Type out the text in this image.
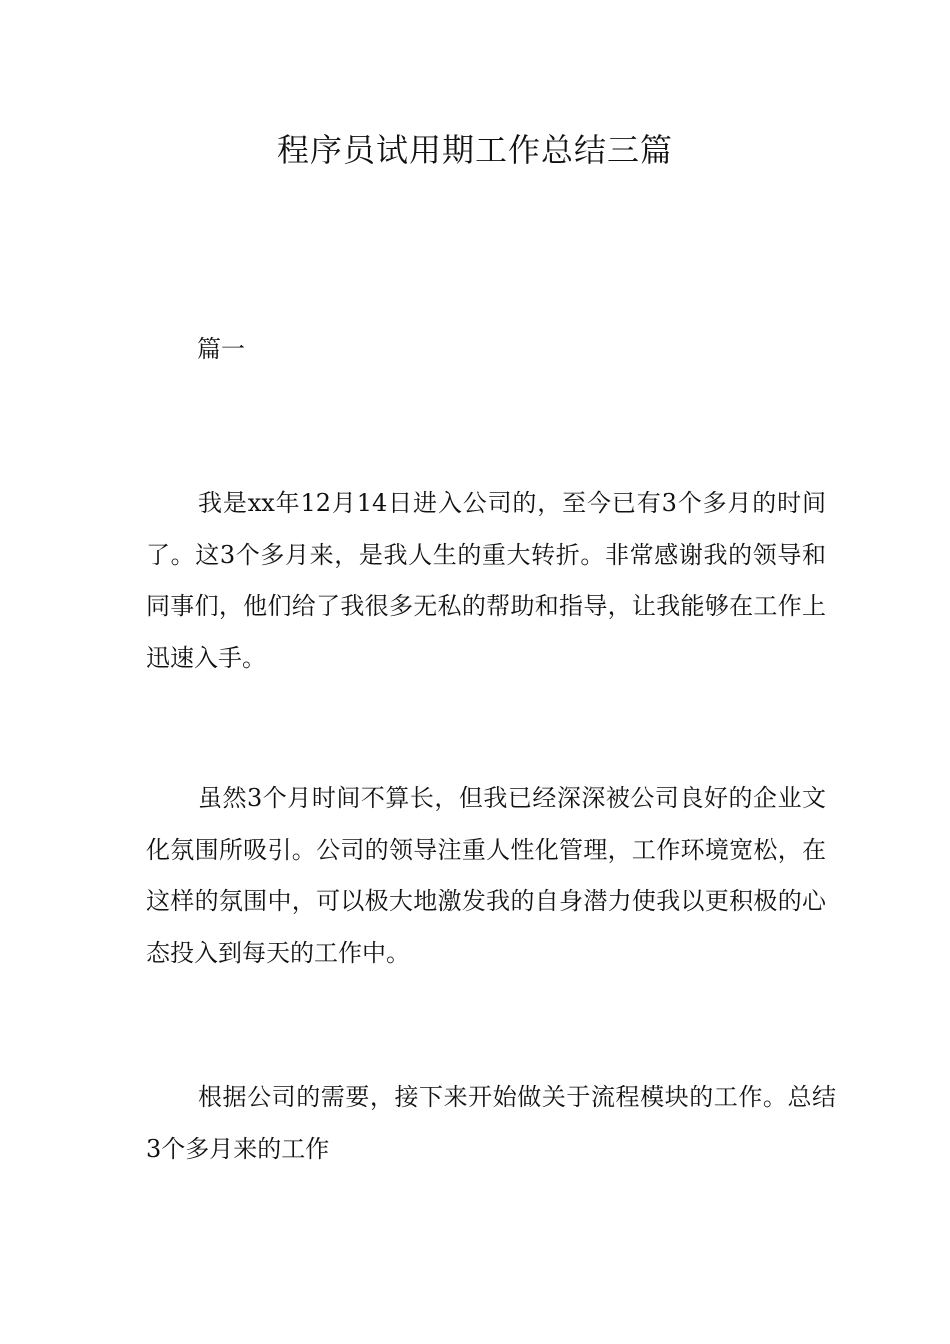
程序员试用期工作总结三篇

篇一

我是xx年12月14日进入公司的，至今已有3个多月的时间了。这3个多月来，是我人生的重大转折。非常感谢我的领导和同事们，他们给了我很多无私的帮助和指导，让我能够在工作上迅速入手。

虽然3个月时间不算长，但我已经深深被公司良好的企业文化氛围所吸引。公司的领导注重人性化管理，工作环境宽松，在这样的氛围中，可以极大地激发我的自身潜力使我以更积极的心态投入到每天的工作中。

根据公司的需要，接下来开始做关于流程模块的工作。总结3个多月来的工作
